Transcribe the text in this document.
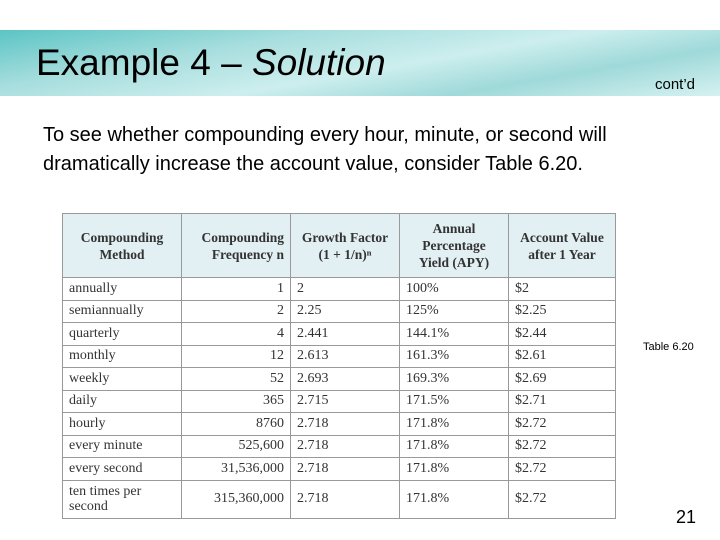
Example 4 – Solution
cont’d
To see whether compounding every hour, minute, or second will dramatically increase the account value, consider Table 6.20.
Compounding Method	Compounding Frequency n	Growth Factor (1 + 1/n)ⁿ	Annual Percentage Yield (APY)	Account Value after 1 Year
annually	1	2	100%	$2
semiannually	2	2.25	125%	$2.25
quarterly	4	2.441	144.1%	$2.44
monthly	12	2.613	161.3%	$2.61
weekly	52	2.693	169.3%	$2.69
daily	365	2.715	171.5%	$2.71
hourly	8760	2.718	171.8%	$2.72
every minute	525,600	2.718	171.8%	$2.72
every second	31,536,000	2.718	171.8%	$2.72
ten times per second	315,360,000	2.718	171.8%	$2.72
Table 6.20
21
